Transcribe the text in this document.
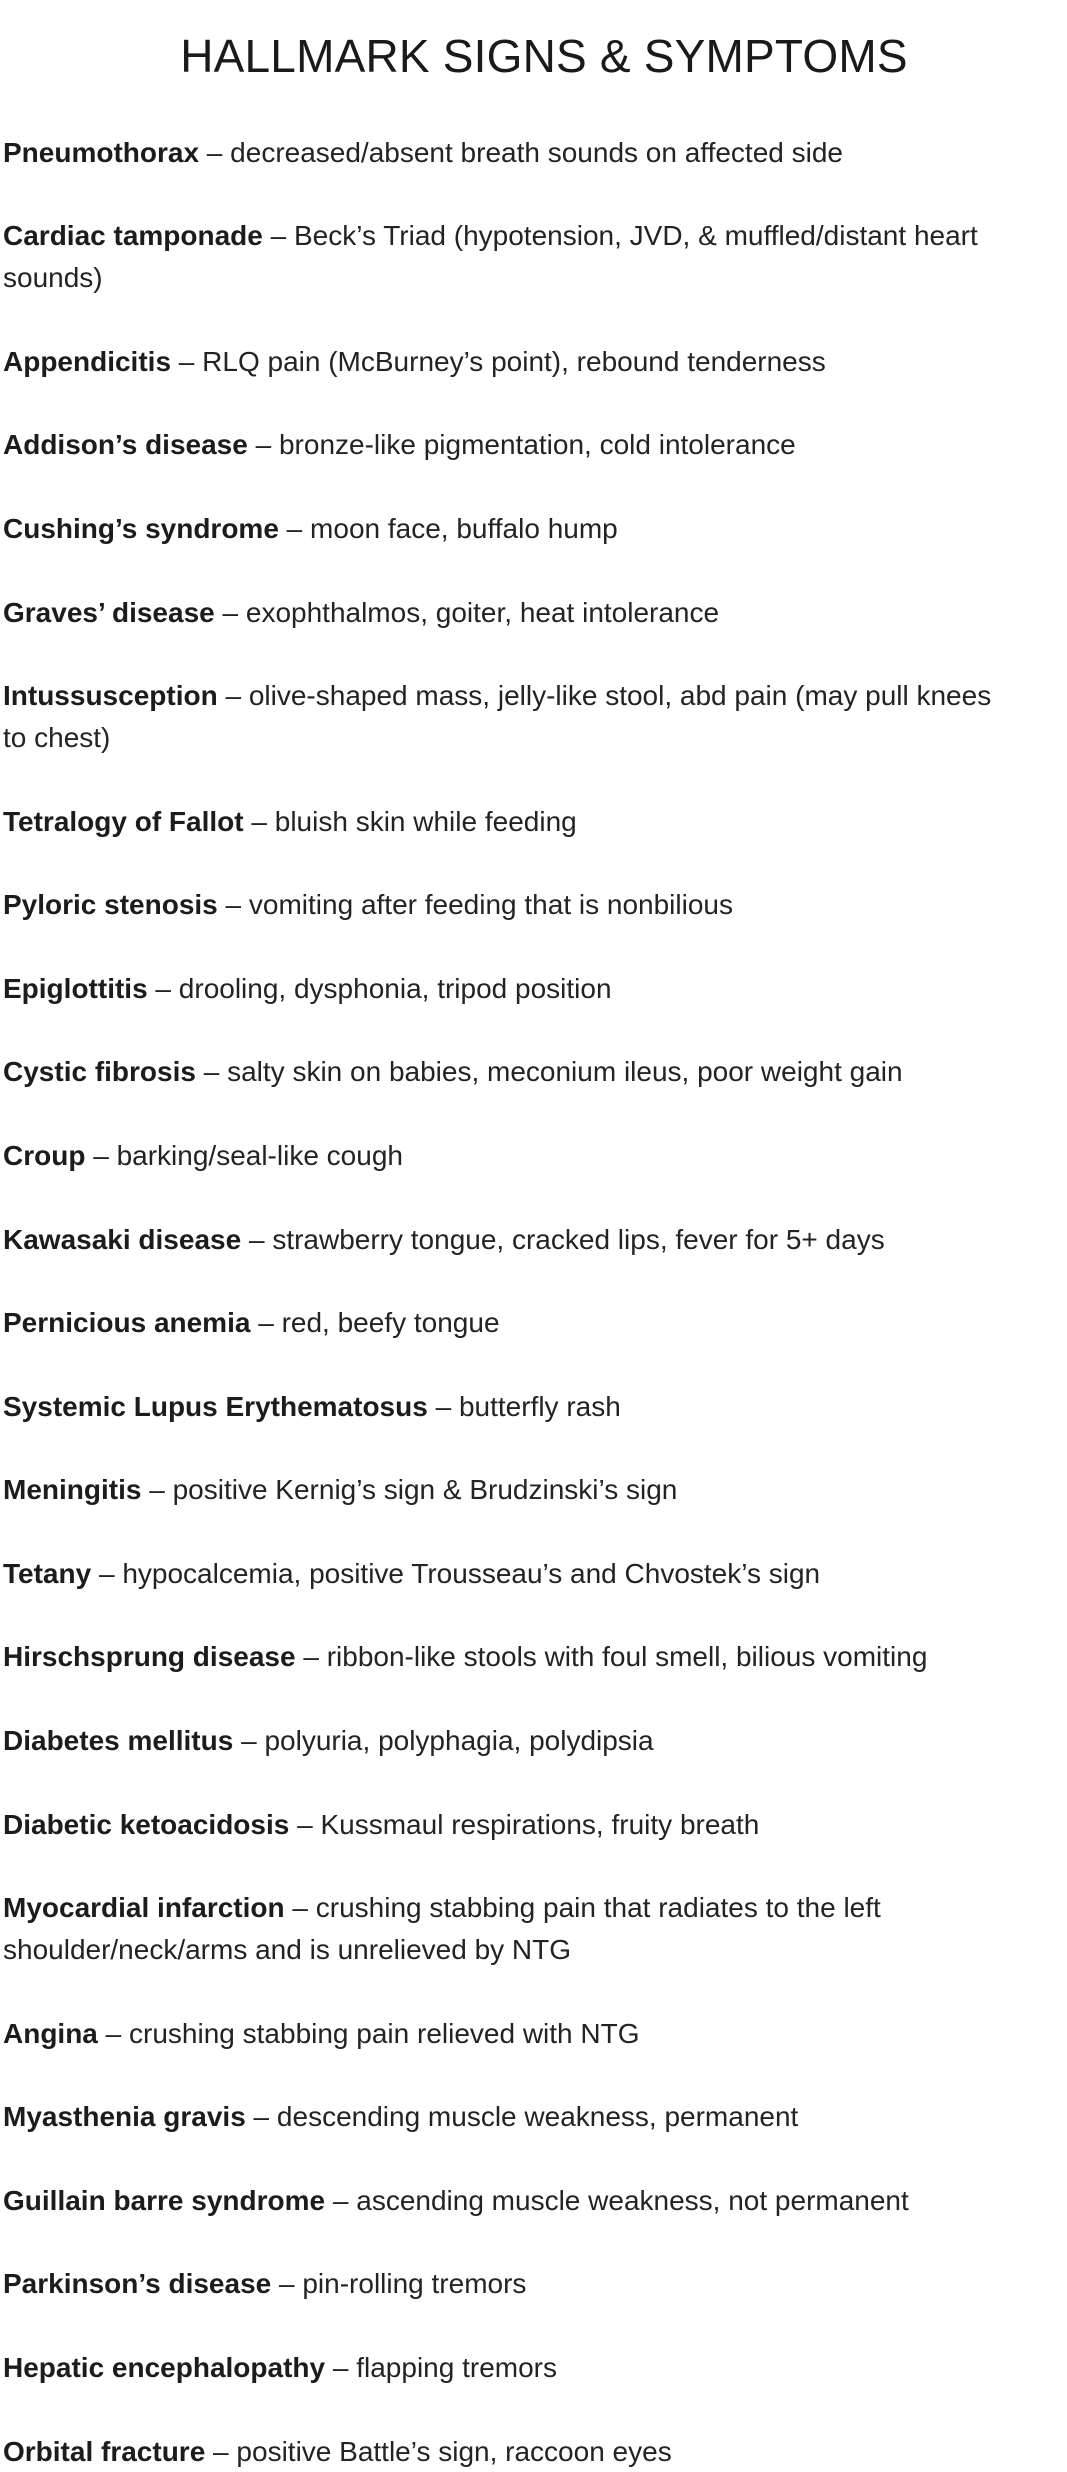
HALLMARK SIGNS & SYMPTOMS

Pneumothorax – decreased/absent breath sounds on affected side

Cardiac tamponade – Beck’s Triad (hypotension, JVD, & muffled/distant heart
sounds)

Appendicitis – RLQ pain (McBurney’s point), rebound tenderness

Addison’s disease – bronze-like pigmentation, cold intolerance

Cushing’s syndrome – moon face, buffalo hump

Graves’ disease – exophthalmos, goiter, heat intolerance

Intussusception – olive-shaped mass, jelly-like stool, abd pain (may pull knees
to chest)

Tetralogy of Fallot – bluish skin while feeding

Pyloric stenosis – vomiting after feeding that is nonbilious

Epiglottitis – drooling, dysphonia, tripod position

Cystic fibrosis – salty skin on babies, meconium ileus, poor weight gain

Croup – barking/seal-like cough

Kawasaki disease – strawberry tongue, cracked lips, fever for 5+ days

Pernicious anemia – red, beefy tongue

Systemic Lupus Erythematosus – butterfly rash

Meningitis – positive Kernig’s sign & Brudzinski’s sign

Tetany – hypocalcemia, positive Trousseau’s and Chvostek’s sign

Hirschsprung disease – ribbon-like stools with foul smell, bilious vomiting

Diabetes mellitus – polyuria, polyphagia, polydipsia

Diabetic ketoacidosis – Kussmaul respirations, fruity breath

Myocardial infarction – crushing stabbing pain that radiates to the left
shoulder/neck/arms and is unrelieved by NTG

Angina – crushing stabbing pain relieved with NTG

Myasthenia gravis – descending muscle weakness, permanent

Guillain barre syndrome – ascending muscle weakness, not permanent

Parkinson’s disease – pin-rolling tremors

Hepatic encephalopathy – flapping tremors

Orbital fracture – positive Battle’s sign, raccoon eyes
